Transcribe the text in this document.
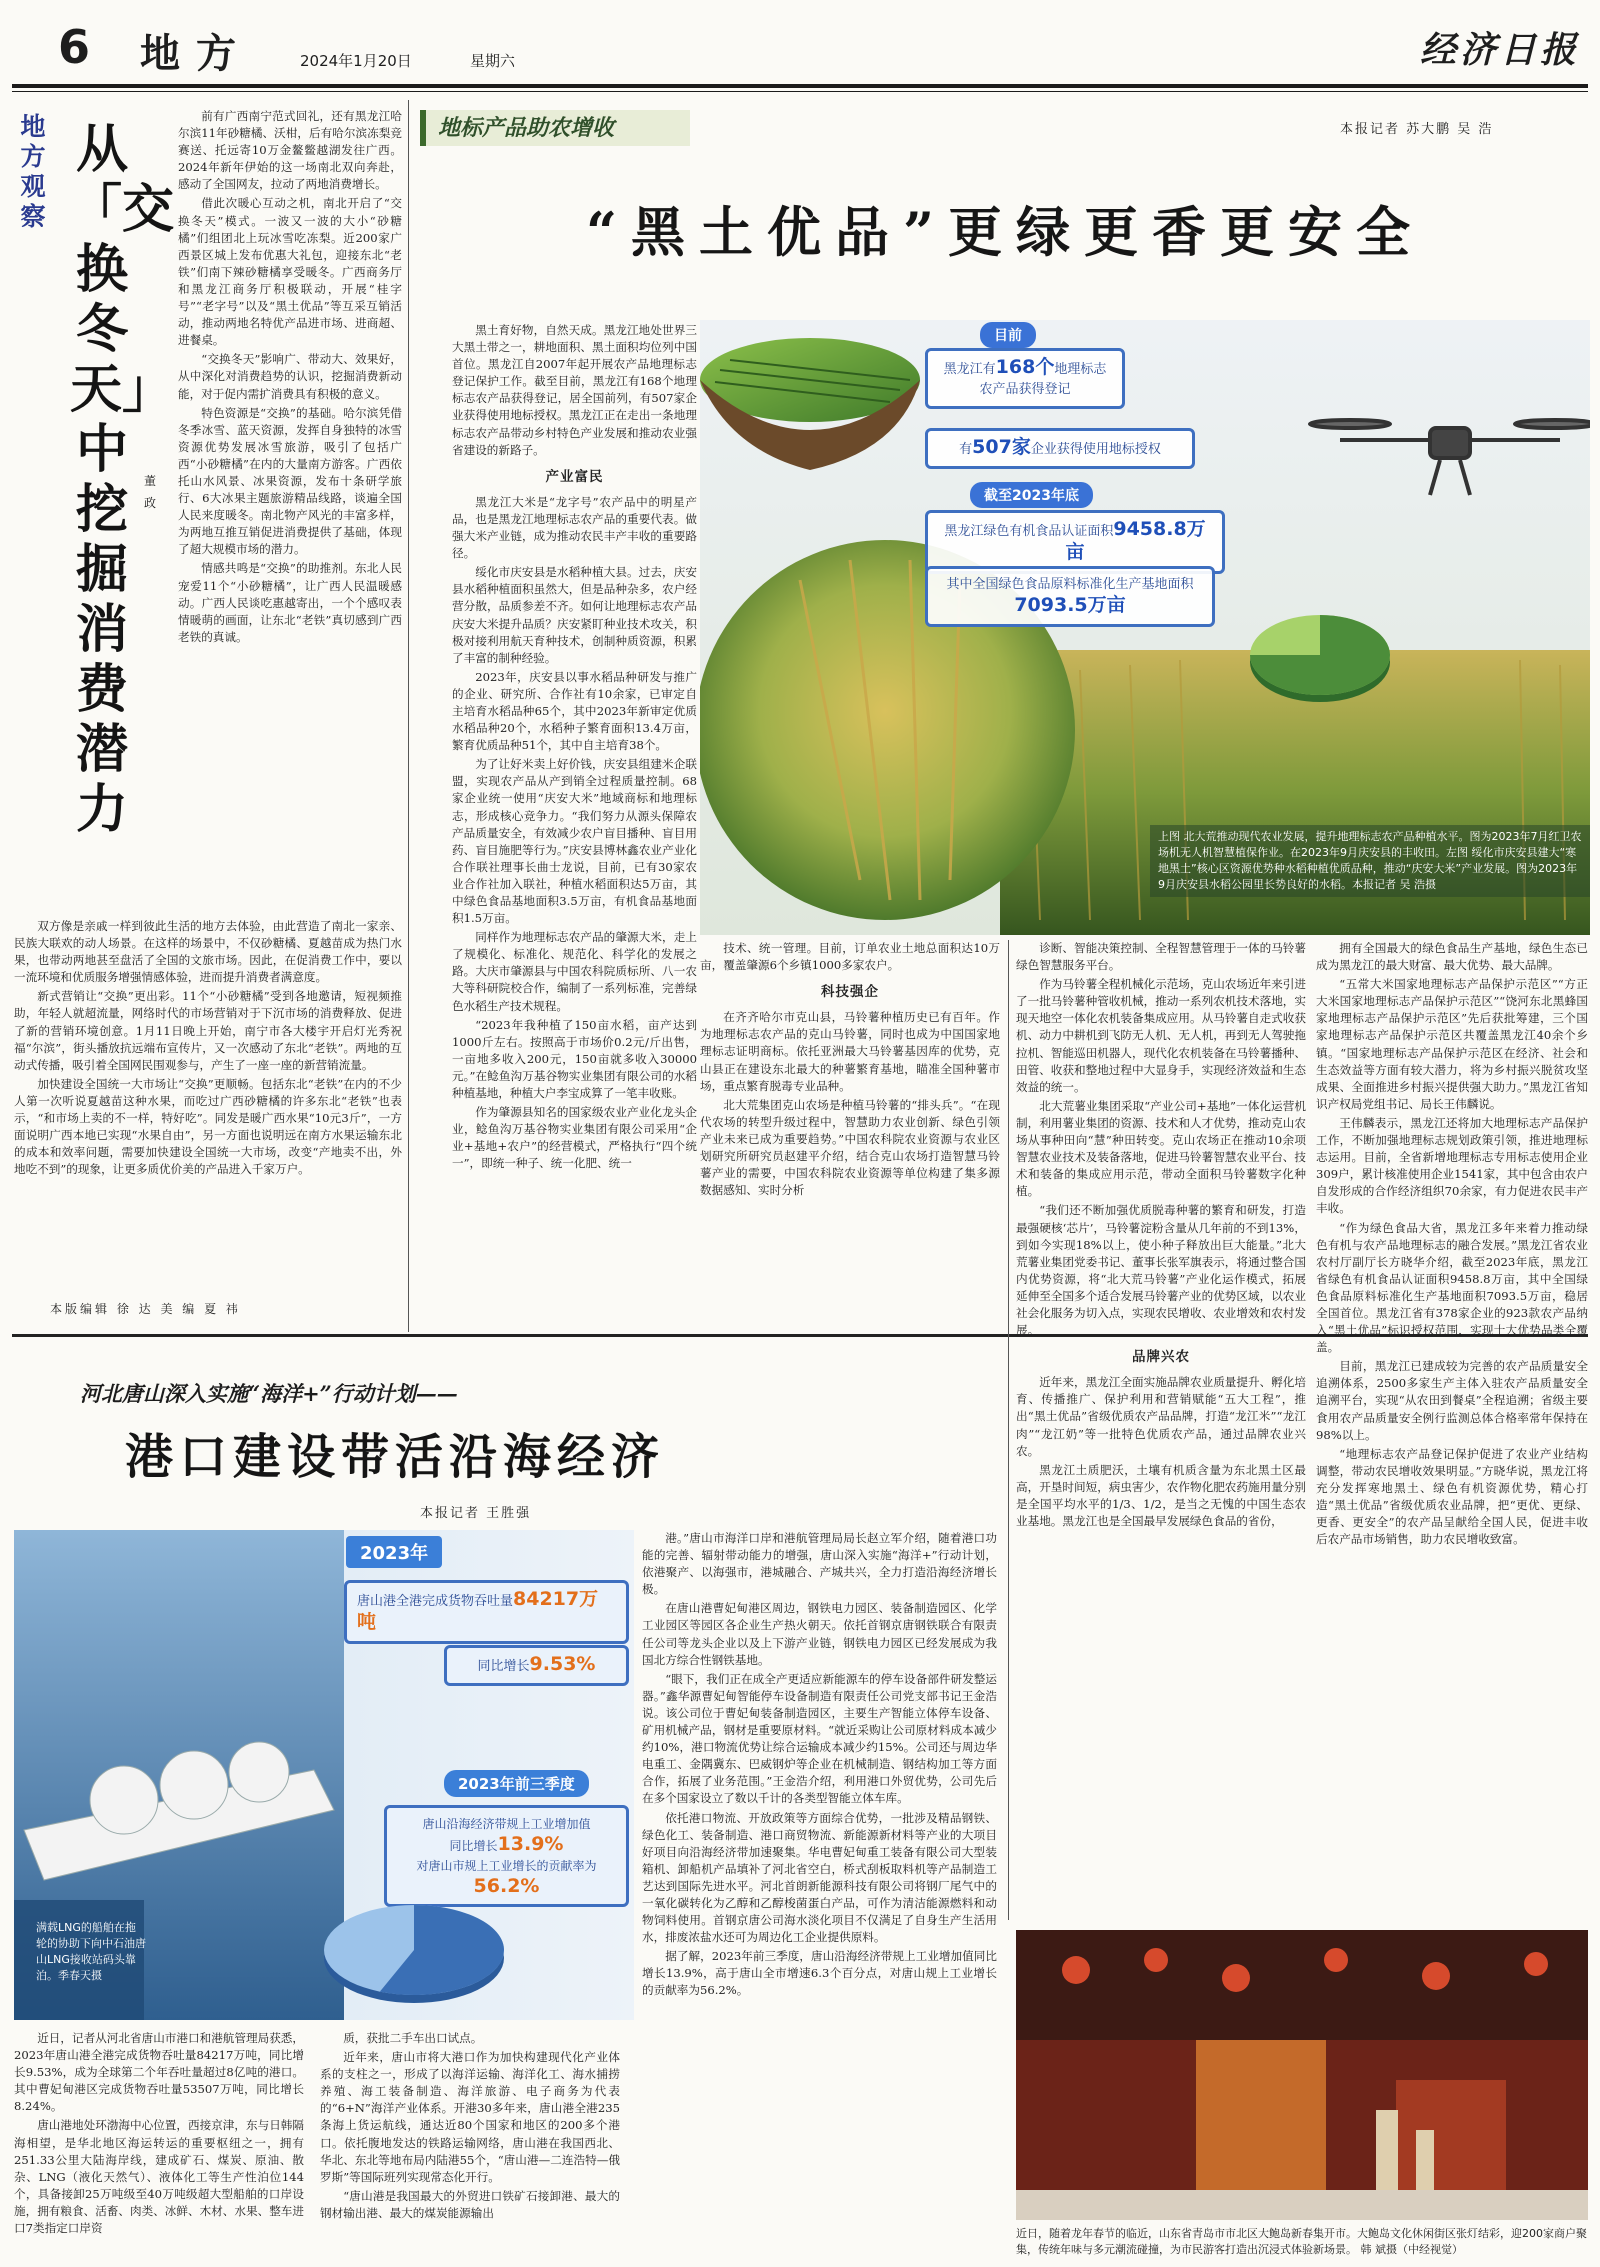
6 地方	2024年1月20日	星期六	经济日报
地方观察
从「交换冬天」中挖掘消费潜力
董 政

前有广西南宁范式回礼，还有黑龙江哈尔滨11年砂糖橘、沃柑，后有哈尔滨冻梨竞赛送、托远寄10万金鳌鳖越湖发往广西。2024年新年伊始的这一场南北双向奔赴，感动了全国网友，拉动了两地消费增长。

借此次暖心互动之机，南北开启了“交换冬天”模式。一波又一波的大小“砂糖橘”们组团北上玩冰雪吃冻梨。近200家广西景区城上发布优惠大礼包，迎接东北“老铁”们南下辣砂糖橘享受暖冬。广西商务厅和黑龙江商务厅积极联动，开展“桂字号”“老字号”以及“黑土优品”等互采互销活动，推动两地名特优产品进市场、进商超、进餐桌。

“交换冬天”影响广、带动大、效果好，从中深化对消费趋势的认识，挖掘消费新动能，对于促内需扩消费具有积极的意义。

特色资源是“交换”的基础。哈尔滨凭借冬季冰雪、蓝天资源，发挥自身独特的冰雪资源优势发展冰雪旅游，吸引了包括广西“小砂糖橘”在内的大量南方游客。广西依托山水风景、冰果资源，发布十条研学旅行、6大冰果主题旅游精品线路，谈遍全国人民来度暖冬。南北物产风光的丰富多样，为两地互推互销促进消费提供了基础，体现了超大规模市场的潜力。

情感共鸣是“交换”的助推剂。东北人民宠爱11个“小砂糖橘”，让广西人民温暖感动。广西人民谈吃惠越寄出，一个个感叹表情暖萌的画面，让东北“老铁”真切感到广西老铁的真诚。

双方像是亲戚一样到彼此生活的地方去体验，由此营造了南北一家亲、民族大联欢的动人场景。在这样的场景中，不仅砂糖橘、夏越苗成为热门水果，也带动两地甚至盘活了全国的文旅市场。因此，在促消费工作中，要以一流环境和优质服务增强情感体验，进而提升消费者满意度。

新式营销让“交换”更出彩。11个“小砂糖橘”受到各地邀请，短视频推助，年轻人就超流量，网络时代的市场营销对于下沉市场的消费释放、促进了新的营销环境创意。1月11日晚上开始，南宁市各大楼宇开启灯光秀祝福“尔滨”，街头播放抗远端布宣传片，又一次感动了东北“老铁”。两地的互动式传播，吸引着全国网民围观参与，产生了一座一座的新营销流量。

加快建设全国统一大市场让“交换”更顺畅。包括东北“老铁”在内的不少人第一次听说夏越苗这种水果，而吃过广西砂糖橘的许多东北“老铁”也表示，“和市场上卖的不一样，特好吃”。同发是暖广西水果“10元3斤”，一方面说明广西本地已实现“水果自由”，另一方面也说明远在南方水果运输东北的成本和效率问题，需要加快建设全国统一大市场，改变“产地卖不出，外地吃不到”的现象，让更多质优价美的产品进入千家万户。

本版编辑 徐 达 美 编 夏 祎
地标产品助农增收	本报记者 苏大鹏 吴 浩
“黑土优品”更绿更香更安全

黑土育好物，自然天成。黑龙江地处世界三大黑土带之一，耕地面积、黑土面积均位列中国首位。黑龙江自2007年起开展农产品地理标志登记保护工作。截至目前，黑龙江有168个地理标志农产品获得登记，居全国前列，有507家企业获得使用地标授权。黑龙江正在走出一条地理标志农产品带动乡村特色产业发展和推动农业强省建设的新路子。

产业富民

黑龙江大米是“龙字号”农产品中的明星产品，也是黑龙江地理标志农产品的重要代表。做强大米产业链，成为推动农民丰产丰收的重要路径。

绥化市庆安县是水稻种植大县。过去，庆安县水稻种植面积虽然大，但是品种杂多，农户经营分散，品质参差不齐。如何让地理标志农产品庆安大米提升品质？庆安紧盯种业技术攻关，积极对接利用航天育种技术，创制种质资源，积累了丰富的制种经验。

2023年，庆安县以事水稻品种研发与推广的企业、研究所、合作社有10余家，已审定自主培育水稻品种65个，其中2023年新审定优质水稻品种20个，水稻种子繁育面积13.4万亩，繁育优质品种51个，其中自主培育38个。

为了让好米卖上好价钱，庆安县组建米企联盟，实现农产品从产到销全过程质量控制。68家企业统一使用“庆安大米”地域商标和地理标志，形成核心竞争力。“我们努力从源头保障农产品质量安全，有效减少农户盲目播种、盲目用药、盲目施肥等行为。”庆安县博林鑫农业产业化合作联社理事长曲士龙说，目前，已有30家农业合作社加入联社，种植水稻面积达5万亩，其中绿色食品基地面积3.5万亩，有机食品基地面积1.5万亩。

同样作为地理标志农产品的肇源大米，走上了规模化、标准化、规范化、科学化的发展之路。大庆市肇源县与中国农科院质标所、八一农大等科研院校合作，编制了一系列标准，完善绿色水稻生产技术规程。

“2023年我种植了150亩水稻，亩产达到1000斤左右。按照高于市场价0.2元/斤出售，一亩地多收入200元，150亩就多收入30000元。”在鲶鱼沟万基谷物实业集团有限公司的水稻种植基地，种植大户李宝成算了一笔丰收账。

作为肇源县知名的国家级农业产业化龙头企业，鲶鱼沟万基谷物实业集团有限公司采用“企业+基地+农户”的经营模式，严格执行“四个统一”，即统一种子、统一化肥、统一

目前
黑龙江有168个地理标志农产品获得登记
有507家企业获得使用地标授权
截至2023年底
黑龙江绿色有机食品认证面积9458.8万亩
其中全国绿色食品原料标准化生产基地面积7093.5万亩
上图 北大荒推动现代农业发展，提升地理标志农产品种植水平。图为2023年7月红卫农场机无人机智慧植保作业。在2023年9月庆安县的丰收田。左图 绥化市庆安县建大“寒地黑土”核心区资源优势种水稻种植优质品种，推动“庆安大米”产业发展。图为2023年9月庆安县水稻公园里长势良好的水稻。本报记者 吴 浩摄

技术、统一管理。目前，订单农业土地总面积达10万亩，覆盖肇源6个乡镇1000多家农户。

科技强企

在齐齐哈尔市克山县，马铃薯种植历史已有百年。作为地理标志农产品的克山马铃薯，同时也成为中国国家地理标志证明商标。依托亚洲最大马铃薯基因库的优势，克山县正在建设东北最大的种薯繁育基地，瞄准全国种薯市场，重点繁育脱毒专业品种。

北大荒集团克山农场是种植马铃薯的“排头兵”。“在现代农场的转型升级过程中，智慧助力农业创新、绿色引领产业未来已成为重要趋势。”中国农科院农业资源与农业区划研究所研究员赵建平介绍，结合克山农场打造智慧马铃薯产业的需要，中国农科院农业资源等单位构建了集多源数据感知、实时分析

诊断、智能决策控制、全程智慧管理于一体的马铃薯绿色智慧服务平台。

作为马铃薯全程机械化示范场，克山农场近年来引进了一批马铃薯种管收机械，推动一系列农机技术落地，实现天地空一体化农机装备集成应用。从马铃薯自走式收获机、动力中耕机到飞防无人机、无人机，再到无人驾驶拖拉机、智能巡田机器人，现代化农机装备在马铃薯播种、田管、收获和整地过程中大显身手，实现经济效益和生态效益的统一。

北大荒薯业集团采取“产业公司+基地”一体化运营机制，利用薯业集团的资源、技术和人才优势，推动克山农场从事种田向“慧”种田转变。克山农场正在推动10余项智慧农业技术及装备落地，促进马铃薯智慧农业平台、技术和装备的集成应用示范，带动全面积马铃薯数字化种植。

“我们还不断加强优质脱毒种薯的繁育和研发，打造最强硬核‘芯片’，马铃薯淀粉含量从几年前的不到13%，到如今实现18%以上，使小种子释放出巨大能量。”北大荒薯业集团党委书记、董事长张军旗表示，将通过整合国内优势资源，将“北大荒马铃薯”产业化运作模式，拓展延伸至全国多个适合发展马铃薯产业的优势区域，以农业社会化服务为切入点，实现农民增收、农业增效和农村发展。

品牌兴农

近年来，黑龙江全面实施品牌农业质量提升、孵化培育、传播推广、保护利用和营销赋能“五大工程”，推出“黑土优品”省级优质农产品品牌，打造“龙江米”“龙江肉”“龙江奶”等一批特色优质农产品，通过品牌农业兴农。

黑龙江土质肥沃，土壤有机质含量为东北黑土区最高，开垦时间短，病虫害少，农作物化肥农药施用量分别是全国平均水平的1/3、1/2，是当之无愧的中国生态农业基地。黑龙江也是全国最早发展绿色食品的省份，

拥有全国最大的绿色食品生产基地，绿色生态已成为黑龙江的最大财富、最大优势、最大品牌。

“五常大米国家地理标志产品保护示范区”“方正大米国家地理标志产品保护示范区”“饶河东北黑蜂国家地理标志产品保护示范区”先后获批筹建，三个国家地理标志产品保护示范区共覆盖黑龙江40余个乡镇。“国家地理标志产品保护示范区在经济、社会和生态效益等方面有较大潜力，将为乡村振兴脱贫攻坚成果、全面推进乡村振兴提供强大助力。”黑龙江省知识产权局党组书记、局长王伟麟说。

王伟麟表示，黑龙江还将加大地理标志产品保护工作，不断加强地理标志规划政策引领，推进地理标志运用。目前，全省新增地理标志专用标志使用企业309户，累计核准使用企业1541家，其中包含由农户自发形成的合作经济组织70余家，有力促进农民丰产丰收。

“作为绿色食品大省，黑龙江多年来着力推动绿色有机与农产品地理标志的融合发展。”黑龙江省农业农村厅副厅长方晓华介绍，截至2023年底，黑龙江省绿色有机食品认证面积9458.8万亩，其中全国绿色食品原料标准化生产基地面积7093.5万亩，稳居全国首位。黑龙江省有378家企业的923款农产品纳入“黑土优品”标识授权范围，实现十大优势品类全覆盖。

目前，黑龙江已建成较为完善的农产品质量安全追溯体系，2500多家生产主体入驻农产品质量安全追溯平台，实现“从农田到餐桌”全程追溯；省级主要食用农产品质量安全例行监测总体合格率常年保持在98%以上。

“地理标志农产品登记保护促进了农业产业结构调整，带动农民增收效果明显。”方晓华说，黑龙江将充分发挥寒地黑土、绿色有机资源优势，精心打造“黑土优品”省级优质农业品牌，把“更优、更绿、更香、更安全”的农产品呈献给全国人民，促进丰收后农产品市场销售，助力农民增收致富。

河北唐山深入实施“海洋+”行动计划——
港口建设带活沿海经济
本报记者 王胜强
2023年
唐山港全港完成货物吞吐量84217万吨
同比增长9.53%
2023年前三季度
唐山沿海经济带规上工业增加值
同比增长13.9%
对唐山市规上工业增长的贡献率为56.2%
满载LNG的船舶在拖轮的协助下向中石油唐山LNG接收站码头靠泊。季春天摄

近日，记者从河北省唐山市港口和港航管理局获悉，2023年唐山港全港完成货物吞吐量84217万吨，同比增长9.53%，成为全球第二个年吞吐量超过8亿吨的港口。其中曹妃甸港区完成货物吞吐量53507万吨，同比增长8.24%。

唐山港地处环渤海中心位置，西接京津，东与日韩隔海相望，是华北地区海运转运的重要枢纽之一，拥有251.33公里大陆海岸线，建成矿石、煤炭、原油、散杂、LNG（液化天然气）、液体化工等生产性泊位144个，具备接卸25万吨级至40万吨级超大型船舶的口岸设施，拥有粮食、活畜、肉类、冰鲜、木材、水果、整车进口7类指定口岸资

质，获批二手车出口试点。

近年来，唐山市将大港口作为加快构建现代化产业体系的支柱之一，形成了以海洋运输、海洋化工、海水捕捞养殖、海工装备制造、海洋旅游、电子商务为代表的“6+N”海洋产业体系。开港30多年来，唐山港全港235条海上货运航线，通达近80个国家和地区的200多个港口。依托腹地发达的铁路运输网络，唐山港在我国西北、华北、东北等地布局内陆港55个，“唐山港—二连浩特—俄罗斯”等国际班列实现常态化开行。

“唐山港是我国最大的外贸进口铁矿石接卸港、最大的钢材输出港、最大的煤炭能源输出

港。”唐山市海洋口岸和港航管理局局长赵立军介绍，随着港口功能的完善、辐射带动能力的增强，唐山深入实施“海洋+”行动计划，依港聚产、以海强市，港城融合、产城共兴，全力打造沿海经济增长极。

在唐山港曹妃甸港区周边，钢铁电力园区、装备制造园区、化学工业园区等园区各企业生产热火朝天。依托首钢京唐钢铁联合有限责任公司等龙头企业以及上下游产业链，钢铁电力园区已经发展成为我国北方综合性钢铁基地。

“眼下，我们正在成全产更适应新能源车的停车设备部件研发整运器。”鑫华源曹妃甸智能停车设备制造有限责任公司党支部书记王金浩说。该公司位于曹妃甸装备制造园区，主要生产智能立体停车设备、矿用机械产品，钢材是重要原材料。“就近采购让公司原材料成本减少约10%，港口物流优势让综合运输成本减少约15%。公司还与周边华电重工、金隅冀东、巴威钢炉等企业在机械制造、钢结构加工等方面合作，拓展了业务范围。”王金浩介绍，利用港口外贸优势，公司先后在多个国家设立了数以千计的各类型智能立体车库。

依托港口物流、开放政策等方面综合优势，一批涉及精品钢铁、绿色化工、装备制造、港口商贸物流、新能源新材料等产业的大项目好项目向沿海经济带加速聚集。华电曹妃甸重工装备有限公司大型装箱机、卸船机产品填补了河北省空白，桥式刮板取料机等产品制造工艺达到国际先进水平。河北首朗新能源科技有限公司将钢厂尾气中的一氧化碳转化为乙醇和乙醇梭菌蛋白产品，可作为清洁能源燃料和动物饲料使用。首钢京唐公司海水淡化项目不仅满足了自身生产生活用水，排废浓盐水还可为周边化工企业提供原料。

据了解，2023年前三季度，唐山沿海经济带规上工业增加值同比增长13.9%，高于唐山全市增速6.3个百分点，对唐山规上工业增长的贡献率为56.2%。

近日，随着龙年春节的临近，山东省青岛市市北区大鲍岛新春集开市。大鲍岛文化休闲街区张灯结彩，迎200家商户聚集，传统年味与多元潮流碰撞，为市民游客打造出沉浸式体验新场景。 韩 斌摄（中经视觉）
